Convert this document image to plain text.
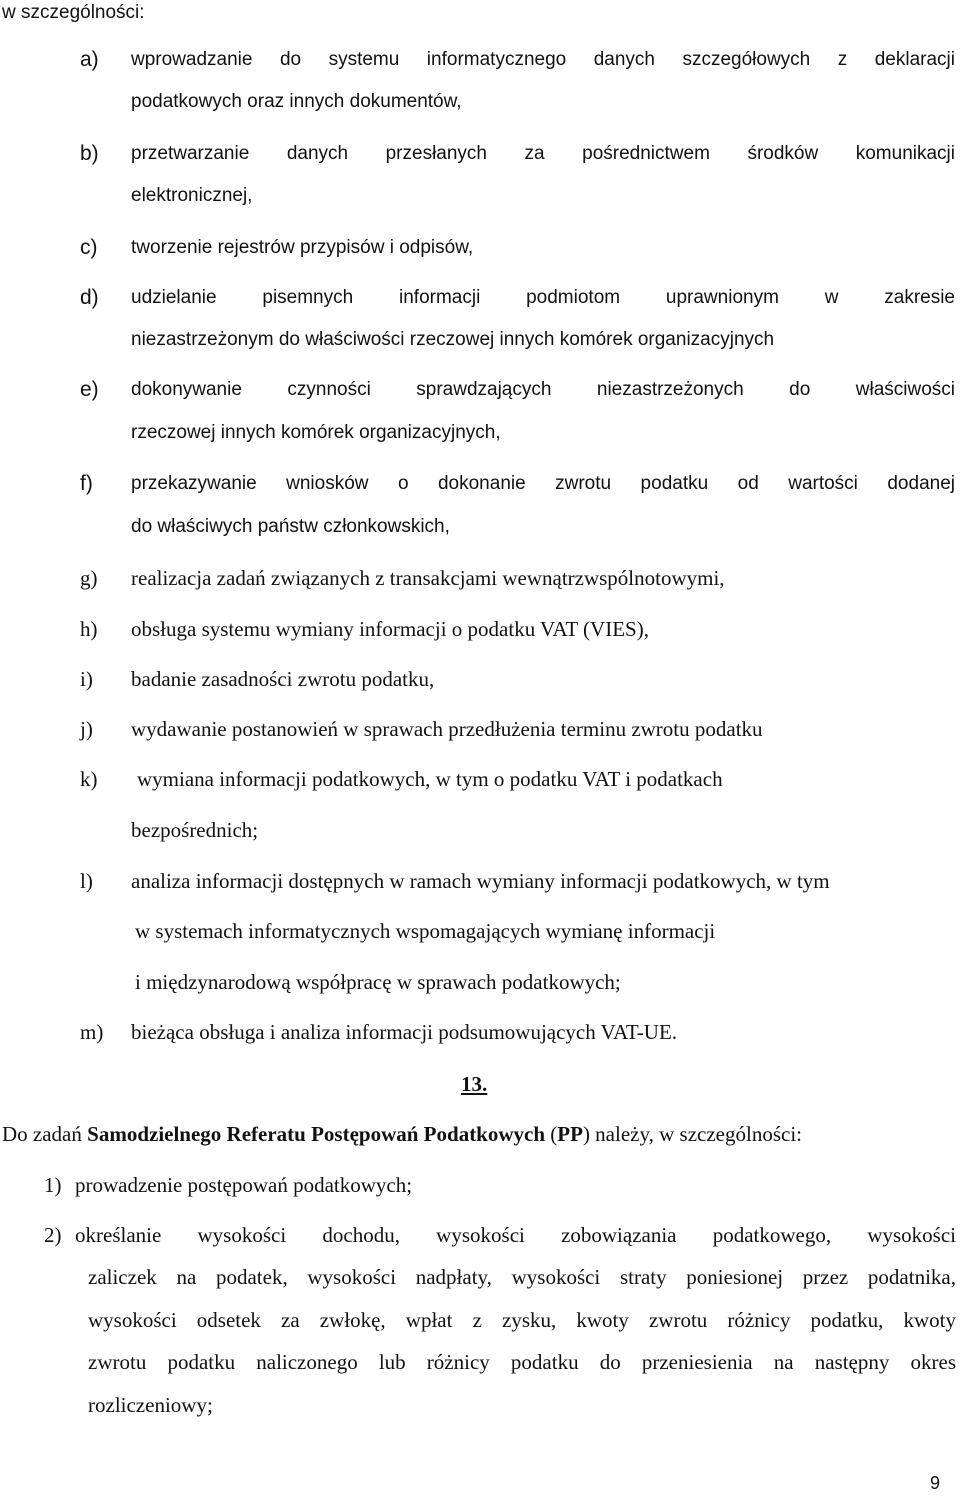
w szczególności:
a) wprowadzanie do systemu informatycznego danych szczegółowych z deklaracji
podatkowych oraz innych dokumentów,
b) przetwarzanie danych przesłanych za pośrednictwem środków komunikacji
elektronicznej,
c) tworzenie rejestrów przypisów i odpisów,
d) udzielanie pisemnych informacji podmiotom uprawnionym w zakresie
niezastrzeżonym do właściwości rzeczowej innych komórek organizacyjnych
e) dokonywanie czynności sprawdzających niezastrzeżonych do właściwości
rzeczowej innych komórek organizacyjnych,
f) przekazywanie wniosków o dokonanie zwrotu podatku od wartości dodanej
do właściwych państw członkowskich,
g) realizacja zadań związanych z transakcjami wewnątrzwspólnotowymi,
h) obsługa systemu wymiany informacji o podatku VAT (VIES),
i) badanie zasadności zwrotu podatku,
j) wydawanie postanowień w sprawach przedłużenia terminu zwrotu podatku
k) wymiana informacji podatkowych, w tym o podatku VAT i podatkach
bezpośrednich;
l) analiza informacji dostępnych w ramach wymiany informacji podatkowych, w tym
w systemach informatycznych wspomagających wymianę informacji
i międzynarodową współpracę w sprawach podatkowych;
m) bieżąca obsługa i analiza informacji podsumowujących VAT-UE.
13.
Do zadań Samodzielnego Referatu Postępowań Podatkowych (PP) należy, w szczególności:
1) prowadzenie postępowań podatkowych;
2) określanie wysokości dochodu, wysokości zobowiązania podatkowego, wysokości
zaliczek na podatek, wysokości nadpłaty, wysokości straty poniesionej przez podatnika,
wysokości odsetek za zwłokę, wpłat z zysku, kwoty zwrotu różnicy podatku, kwoty
zwrotu podatku naliczonego lub różnicy podatku do przeniesienia na następny okres
rozliczeniowy;
9
